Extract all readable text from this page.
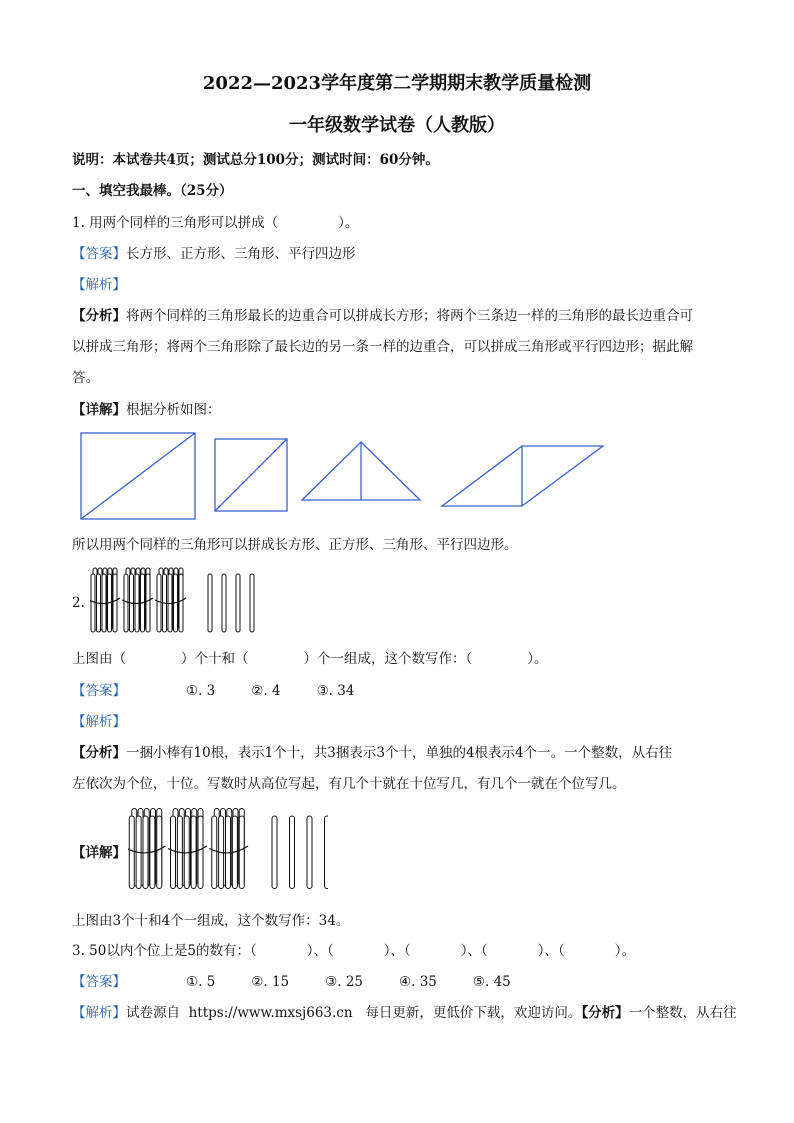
2022—2023学年度第二学期期末教学质量检测
一年级数学试卷（人教版）
说明：本试卷共4页；测试总分100分；测试时间：60分钟。
一、填空我最棒。（25分）
1. 用两个同样的三角形可以拼成（	）。
【答案】长方形、正方形、三角形、平行四边形
【解析】
【分析】将两个同样的三角形最长的边重合可以拼成长方形；将两个三条边一样的三角形的最长边重合可
以拼成三角形；将两个三角形除了最长边的另一条一样的边重合，可以拼成三角形或平行四边形；据此解
答。
【详解】根据分析如图：
所以用两个同样的三角形可以拼成长方形、正方形、三角形、平行四边形。
2.
上图由（	）个十和（	）个一组成，这个数写作：（	）。
【答案】	①. 3	②. 4	③. 34
【解析】
【分析】一捆小棒有10根，表示1个十，共3捆表示3个十，单独的4根表示4个一。一个整数，从右往
左依次为个位，十位。写数时从高位写起，有几个十就在十位写几，有几个一就在个位写几。
【详解】
上图由3个十和4个一组成，这个数写作：34。
3. 50以内个位上是5的数有：（	）、（	）、（	）、（	）、（	）。
【答案】	①. 5	②. 15	③. 25	④. 35	⑤. 45
【解析】试卷源自 https://www.mxsj663.cn 每日更新，更低价下载，欢迎访问。【分析】一个整数，从右往
